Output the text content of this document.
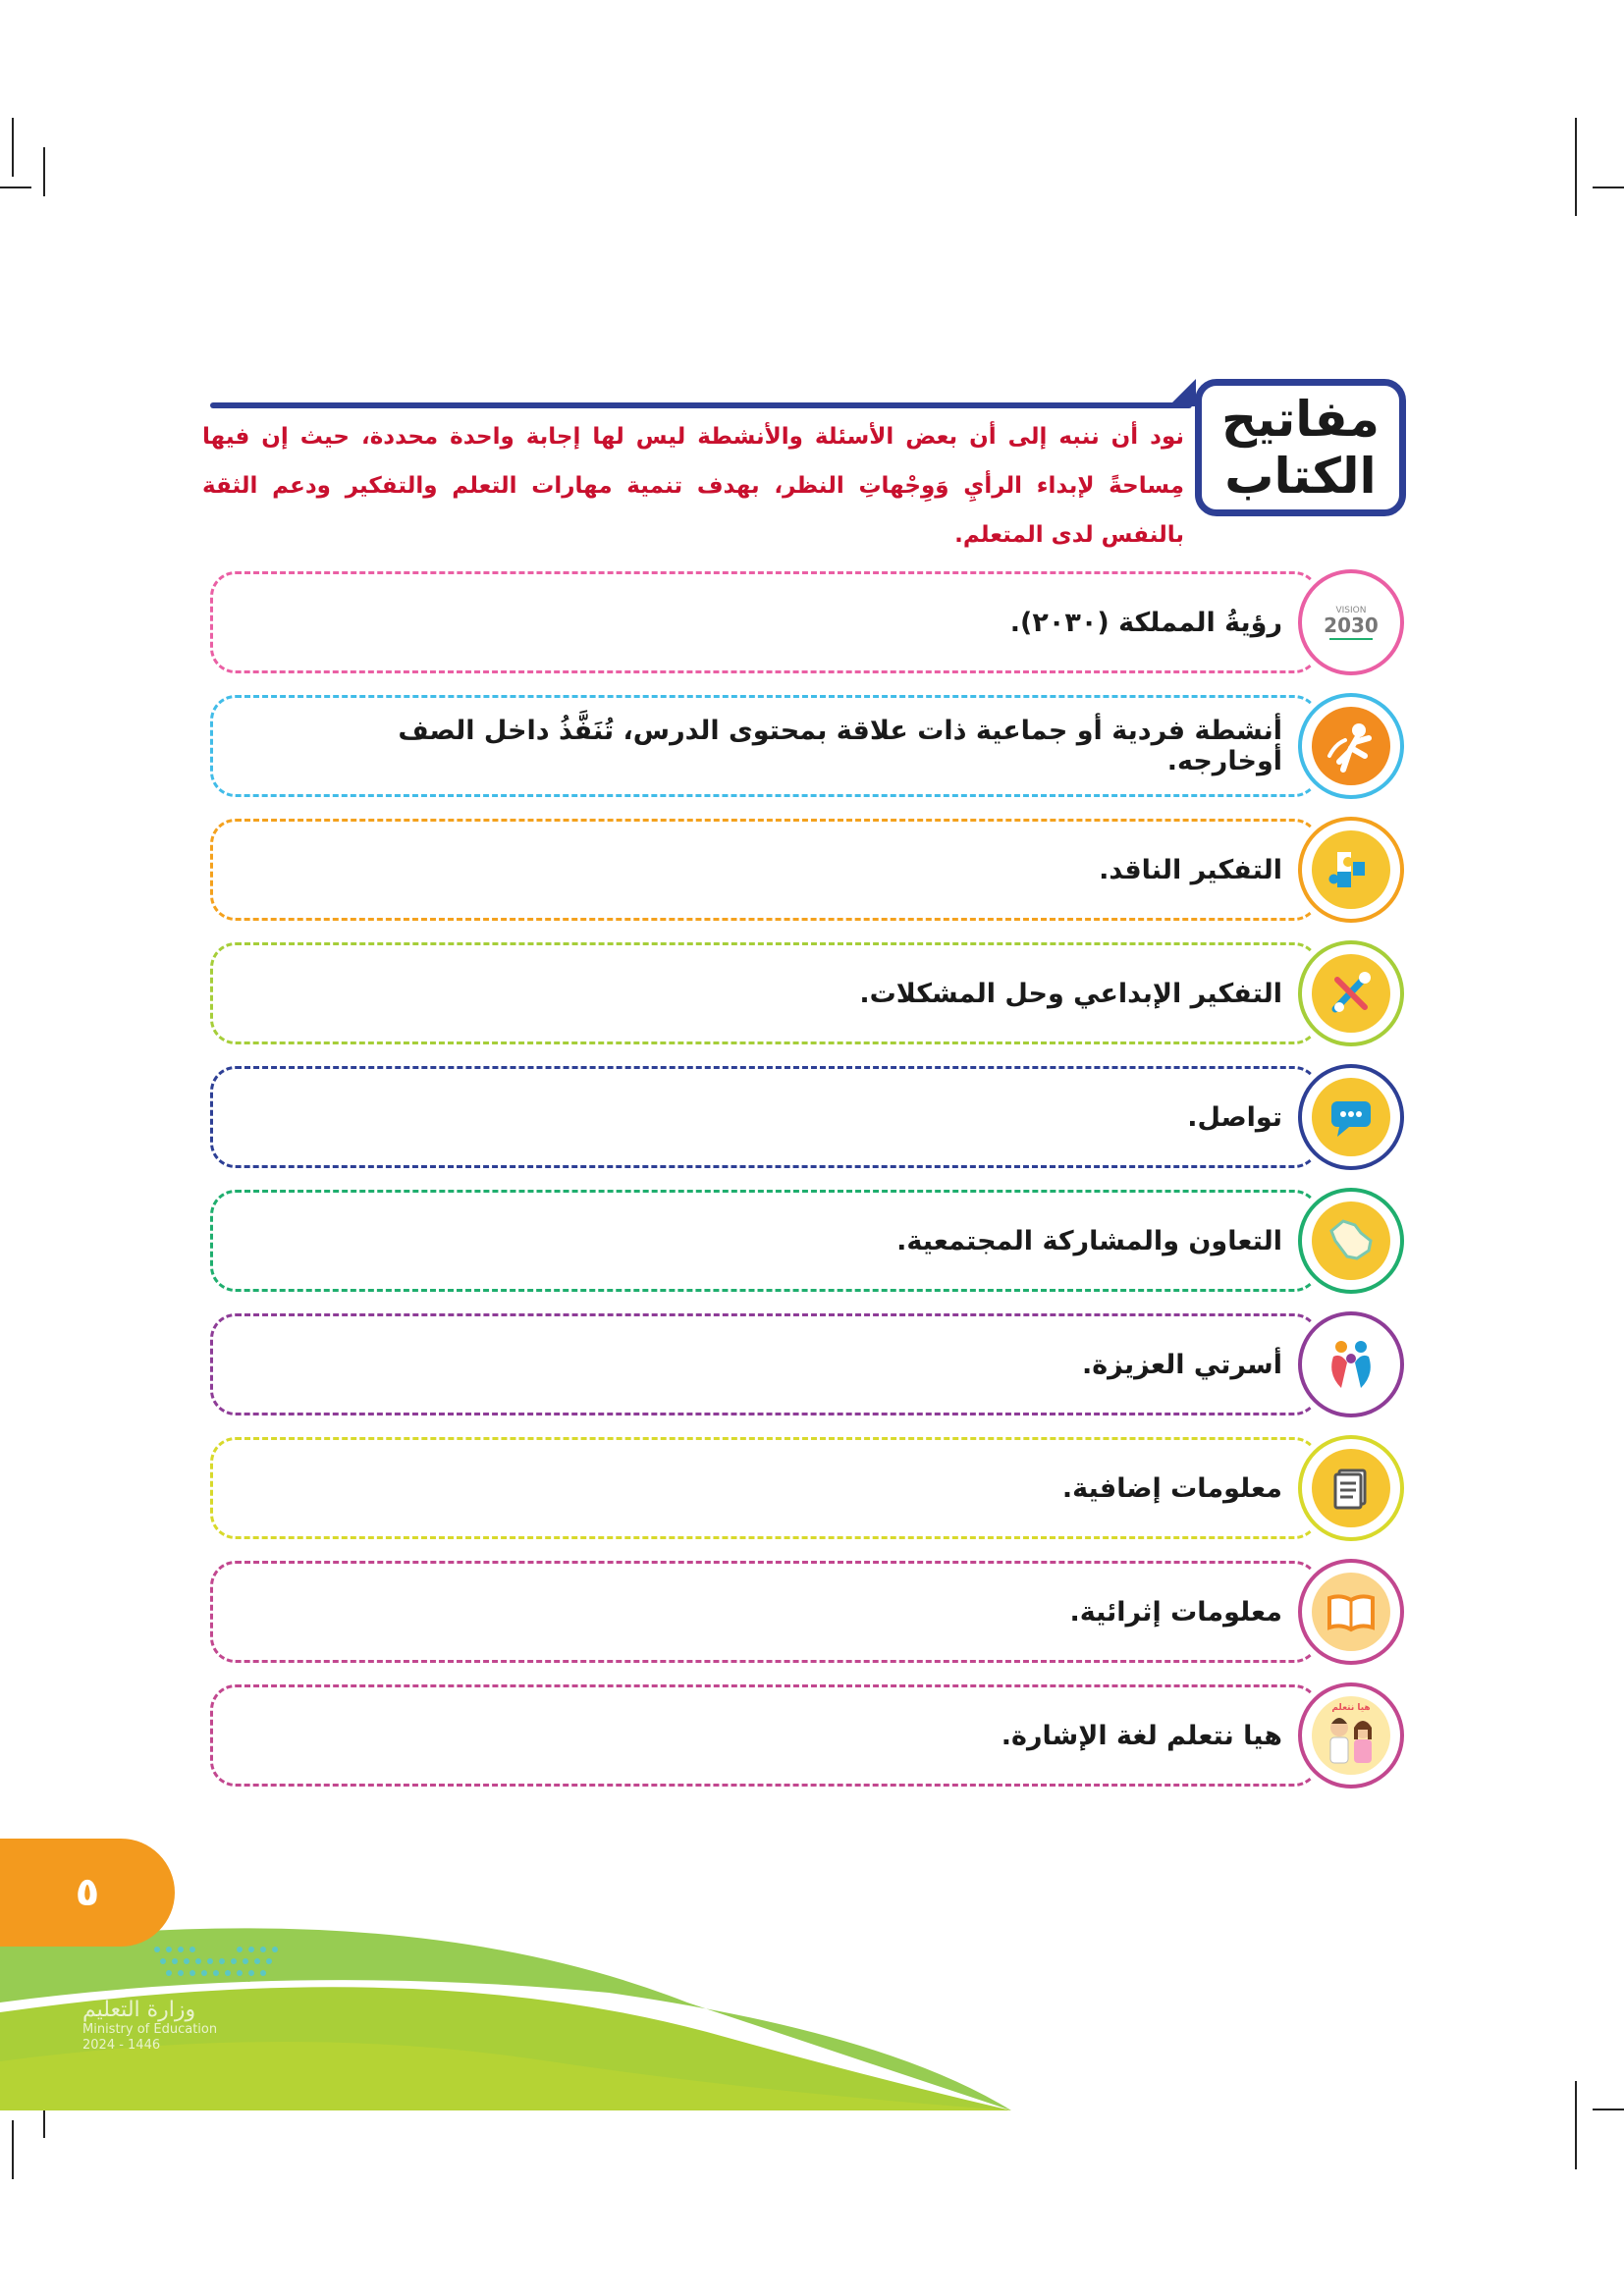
مفاتيح
الكتاب
نود أن ننبه إلى أن بعض الأسئلة والأنشطة ليس لها إجابة واحدة محددة، حيث إن فيها مِساحةً لإبداء الرأيِ وَوِجْهاتِ النظر، بهدف تنمية مهارات التعلم والتفكير ودعم الثقة بالنفس لدى المتعلم.
VISION
2030
رؤيةُ المملكة (٢٠٣٠).
أنشطة فردية أو جماعية ذات علاقة بمحتوى الدرس، تُنَفَّذُ داخل الصف أوخارجه.
التفكير الناقد.
التفكير الإبداعي وحل المشكلات.
تواصل.
التعاون والمشاركة المجتمعية.
أسرتي العزيزة.
معلومات إضافية.
معلومات إثرائية.
هيا نتعلم
هيا نتعلم لغة الإشارة.
وزارة التعليم
Ministry of Education
2024 - 1446
٥
